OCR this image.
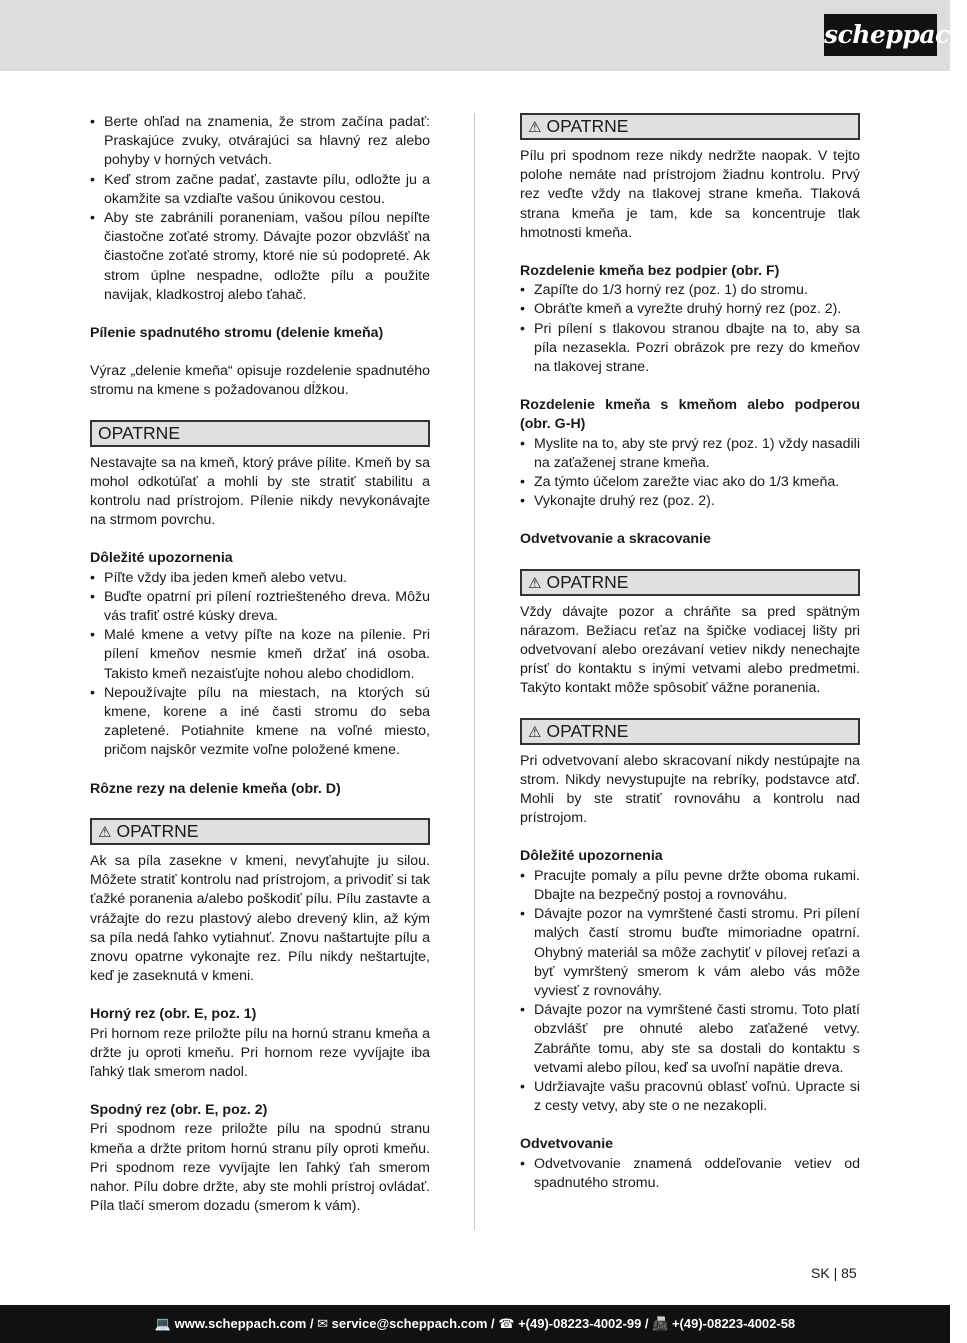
scheppach
• Berte ohľad na znamenia, že strom začína padať: Praskajúce zvuky, otvárajúci sa hlavný rez alebo pohyby v horných vetvách.
• Keď strom začne padať, zastavte pílu, odložte ju a okamžite sa vzdiaľte vašou únikovou cestou.
• Aby ste zabránili poraneniam, vašou pílou nepíľte čiastočne zoťaté stromy. Dávajte pozor obzvlášť na čiastočne zoťaté stromy, ktoré nie sú podopreté. Ak strom úplne nespadne, odložte pílu a použite navijak, kladkostroj alebo ťahač.

Pílenie spadnutého stromu (delenie kmeňa)

Výraz „delenie kmeňa“ opisuje rozdelenie spadnutého stromu na kmene s požadovanou dĺžkou.

OPATRNE

Nestavajte sa na kmeň, ktorý práve pílite. Kmeň by sa mohol odkotúľať a mohli by ste stratiť stabilitu a kontrolu nad prístrojom. Pílenie nikdy nevykonávajte na strmom povrchu.

Dôležité upozornenia

• Píľte vždy iba jeden kmeň alebo vetvu.
• Buďte opatrní pri pílení roztriešteného dreva. Môžu vás trafiť ostré kúsky dreva.
• Malé kmene a vetvy píľte na koze na pílenie. Pri pílení kmeňov nesmie kmeň držať iná osoba. Takisto kmeň nezaisťujte nohou alebo chodidlom.
• Nepoužívajte pílu na miestach, na ktorých sú kmene, korene a iné časti stromu do seba zapletené. Potiahnite kmene na voľné miesto, pričom najskôr vezmite voľne položené kmene.

Rôzne rezy na delenie kmeňa (obr. D)

⚠ OPATRNE

Ak sa píla zasekne v kmeni, nevyťahujte ju silou. Môžete stratiť kontrolu nad prístrojom, a privodiť si tak ťažké poranenia a/alebo poškodiť pílu. Pílu zastavte a vrážajte do rezu plastový alebo drevený klin, až kým sa píla nedá ľahko vytiahnuť. Znovu naštartujte pílu a znovu opatrne vykonajte rez. Pílu nikdy neštartujte, keď je zaseknutá v kmeni.

Horný rez (obr. E, poz. 1)

Pri hornom reze priložte pílu na hornú stranu kmeňa a držte ju oproti kmeňu. Pri hornom reze vyvíjajte iba ľahký tlak smerom nadol.

Spodný rez (obr. E, poz. 2)

Pri spodnom reze priložte pílu na spodnú stranu kmeňa a držte pritom hornú stranu píly oproti kmeňu. Pri spodnom reze vyvíjajte len ľahký ťah smerom nahor. Pílu dobre držte, aby ste mohli prístroj ovládať. Píla tlačí smerom dozadu (smerom k vám).

⚠ OPATRNE

Pílu pri spodnom reze nikdy nedržte naopak. V tejto polohe nemáte nad prístrojom žiadnu kontrolu. Prvý rez veďte vždy na tlakovej strane kmeňa. Tlaková strana kmeňa je tam, kde sa koncentruje tlak hmotnosti kmeňa.

Rozdelenie kmeňa bez podpier (obr. F)

• Zapíľte do 1/3 horný rez (poz. 1) do stromu.
• Obráťte kmeň a vyrežte druhý horný rez (poz. 2).
• Pri pílení s tlakovou stranou dbajte na to, aby sa píla nezasekla. Pozri obrázok pre rezy do kmeňov na tlakovej strane.

Rozdelenie kmeňa s kmeňom alebo podperou (obr. G-H)

• Myslite na to, aby ste prvý rez (poz. 1) vždy nasadili na zaťaženej strane kmeňa.
• Za týmto účelom zarežte viac ako do 1/3 kmeňa.
• Vykonajte druhý rez (poz. 2).

Odvetvovanie a skracovanie

⚠ OPATRNE

Vždy dávajte pozor a chráňte sa pred spätným nárazom. Bežiacu reťaz na špičke vodiacej lišty pri odvetvovaní alebo orezávaní vetiev nikdy nenechajte prísť do kontaktu s inými vetvami alebo predmetmi. Takýto kontakt môže spôsobiť vážne poranenia.

⚠ OPATRNE

Pri odvetvovaní alebo skracovaní nikdy nestúpajte na strom. Nikdy nevystupujte na rebríky, podstavce atď. Mohli by ste stratiť rovnováhu a kontrolu nad prístrojom.

Dôležité upozornenia

• Pracujte pomaly a pílu pevne držte oboma rukami. Dbajte na bezpečný postoj a rovnováhu.
• Dávajte pozor na vymrštené časti stromu. Pri pílení malých častí stromu buďte mimoriadne opatrní. Ohybný materiál sa môže zachytiť v pílovej reťazi a byť vymrštený smerom k vám alebo vás môže vyviesť z rovnováhy.
• Dávajte pozor na vymrštené časti stromu. Toto platí obzvlášť pre ohnuté alebo zaťažené vetvy. Zabráňte tomu, aby ste sa dostali do kontaktu s vetvami alebo pílou, keď sa uvoľní napätie dreva.
• Udržiavajte vašu pracovnú oblasť voľnú. Upracte si z cesty vetvy, aby ste o ne nezakopli.

Odvetvovanie

• Odvetvovanie znamená oddeľovanie vetiev od spadnutého stromu.
SK | 85
💻 www.scheppach.com / ✉ service@scheppach.com / ☎ +(49)-08223-4002-99 / 📠 +(49)-08223-4002-58
